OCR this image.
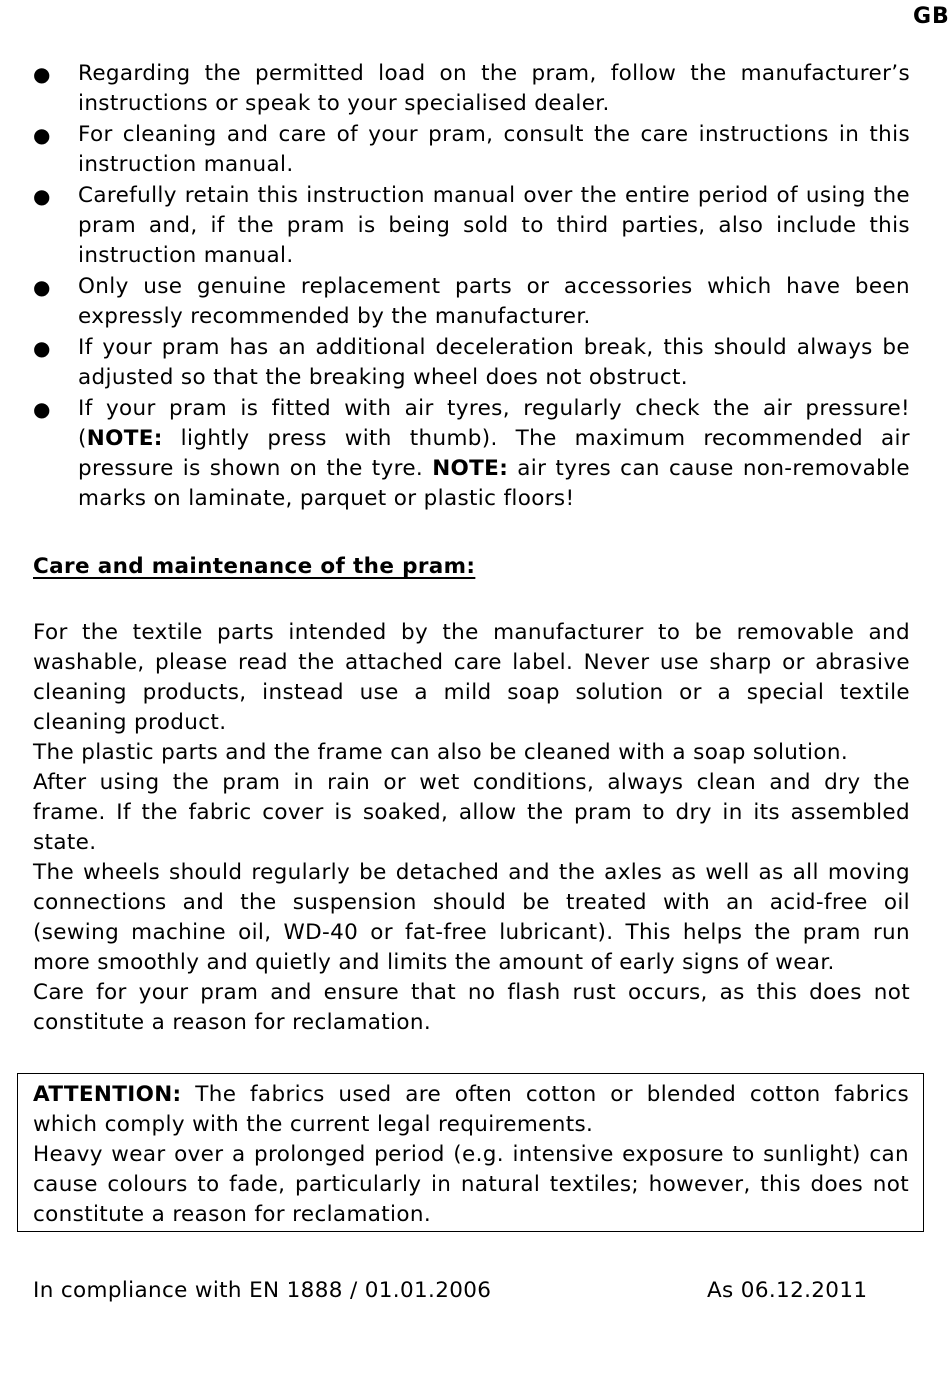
GB
● Regarding the permitted load on the pram, follow the manufacturer’s instructions or speak to your specialised dealer.
● For cleaning and care of your pram, consult the care instructions in this instruction manual.
● Carefully retain this instruction manual over the entire period of using the pram and, if the pram is being sold to third parties, also include this instruction manual.
● Only use genuine replacement parts or accessories which have been expressly recommended by the manufacturer.
● If your pram has an additional deceleration break, this should always be adjusted so that the breaking wheel does not obstruct.
● If your pram is fitted with air tyres, regularly check the air pressure! (NOTE: lightly press with thumb). The maximum recommended air pressure is shown on the tyre. NOTE: air tyres can cause non-removable marks on laminate, parquet or plastic floors!
Care and maintenance of the pram:

For the textile parts intended by the manufacturer to be removable and washable, please read the attached care label. Never use sharp or abrasive cleaning products, instead use a mild soap solution or a special textile cleaning product.

The plastic parts and the frame can also be cleaned with a soap solution.

After using the pram in rain or wet conditions, always clean and dry the frame. If the fabric cover is soaked, allow the pram to dry in its assembled state.

The wheels should regularly be detached and the axles as well as all moving connections and the suspension should be treated with an acid-free oil (sewing machine oil, WD-40 or fat-free lubricant). This helps the pram run more smoothly and quietly and limits the amount of early signs of wear.

Care for your pram and ensure that no flash rust occurs, as this does not constitute a reason for reclamation.

ATTENTION: The fabrics used are often cotton or blended cotton fabrics which comply with the current legal requirements.

Heavy wear over a prolonged period (e.g. intensive exposure to sunlight) can cause colours to fade, particularly in natural textiles; however, this does not constitute a reason for reclamation.

In compliance with EN 1888 / 01.01.2006	As 06.12.2011
